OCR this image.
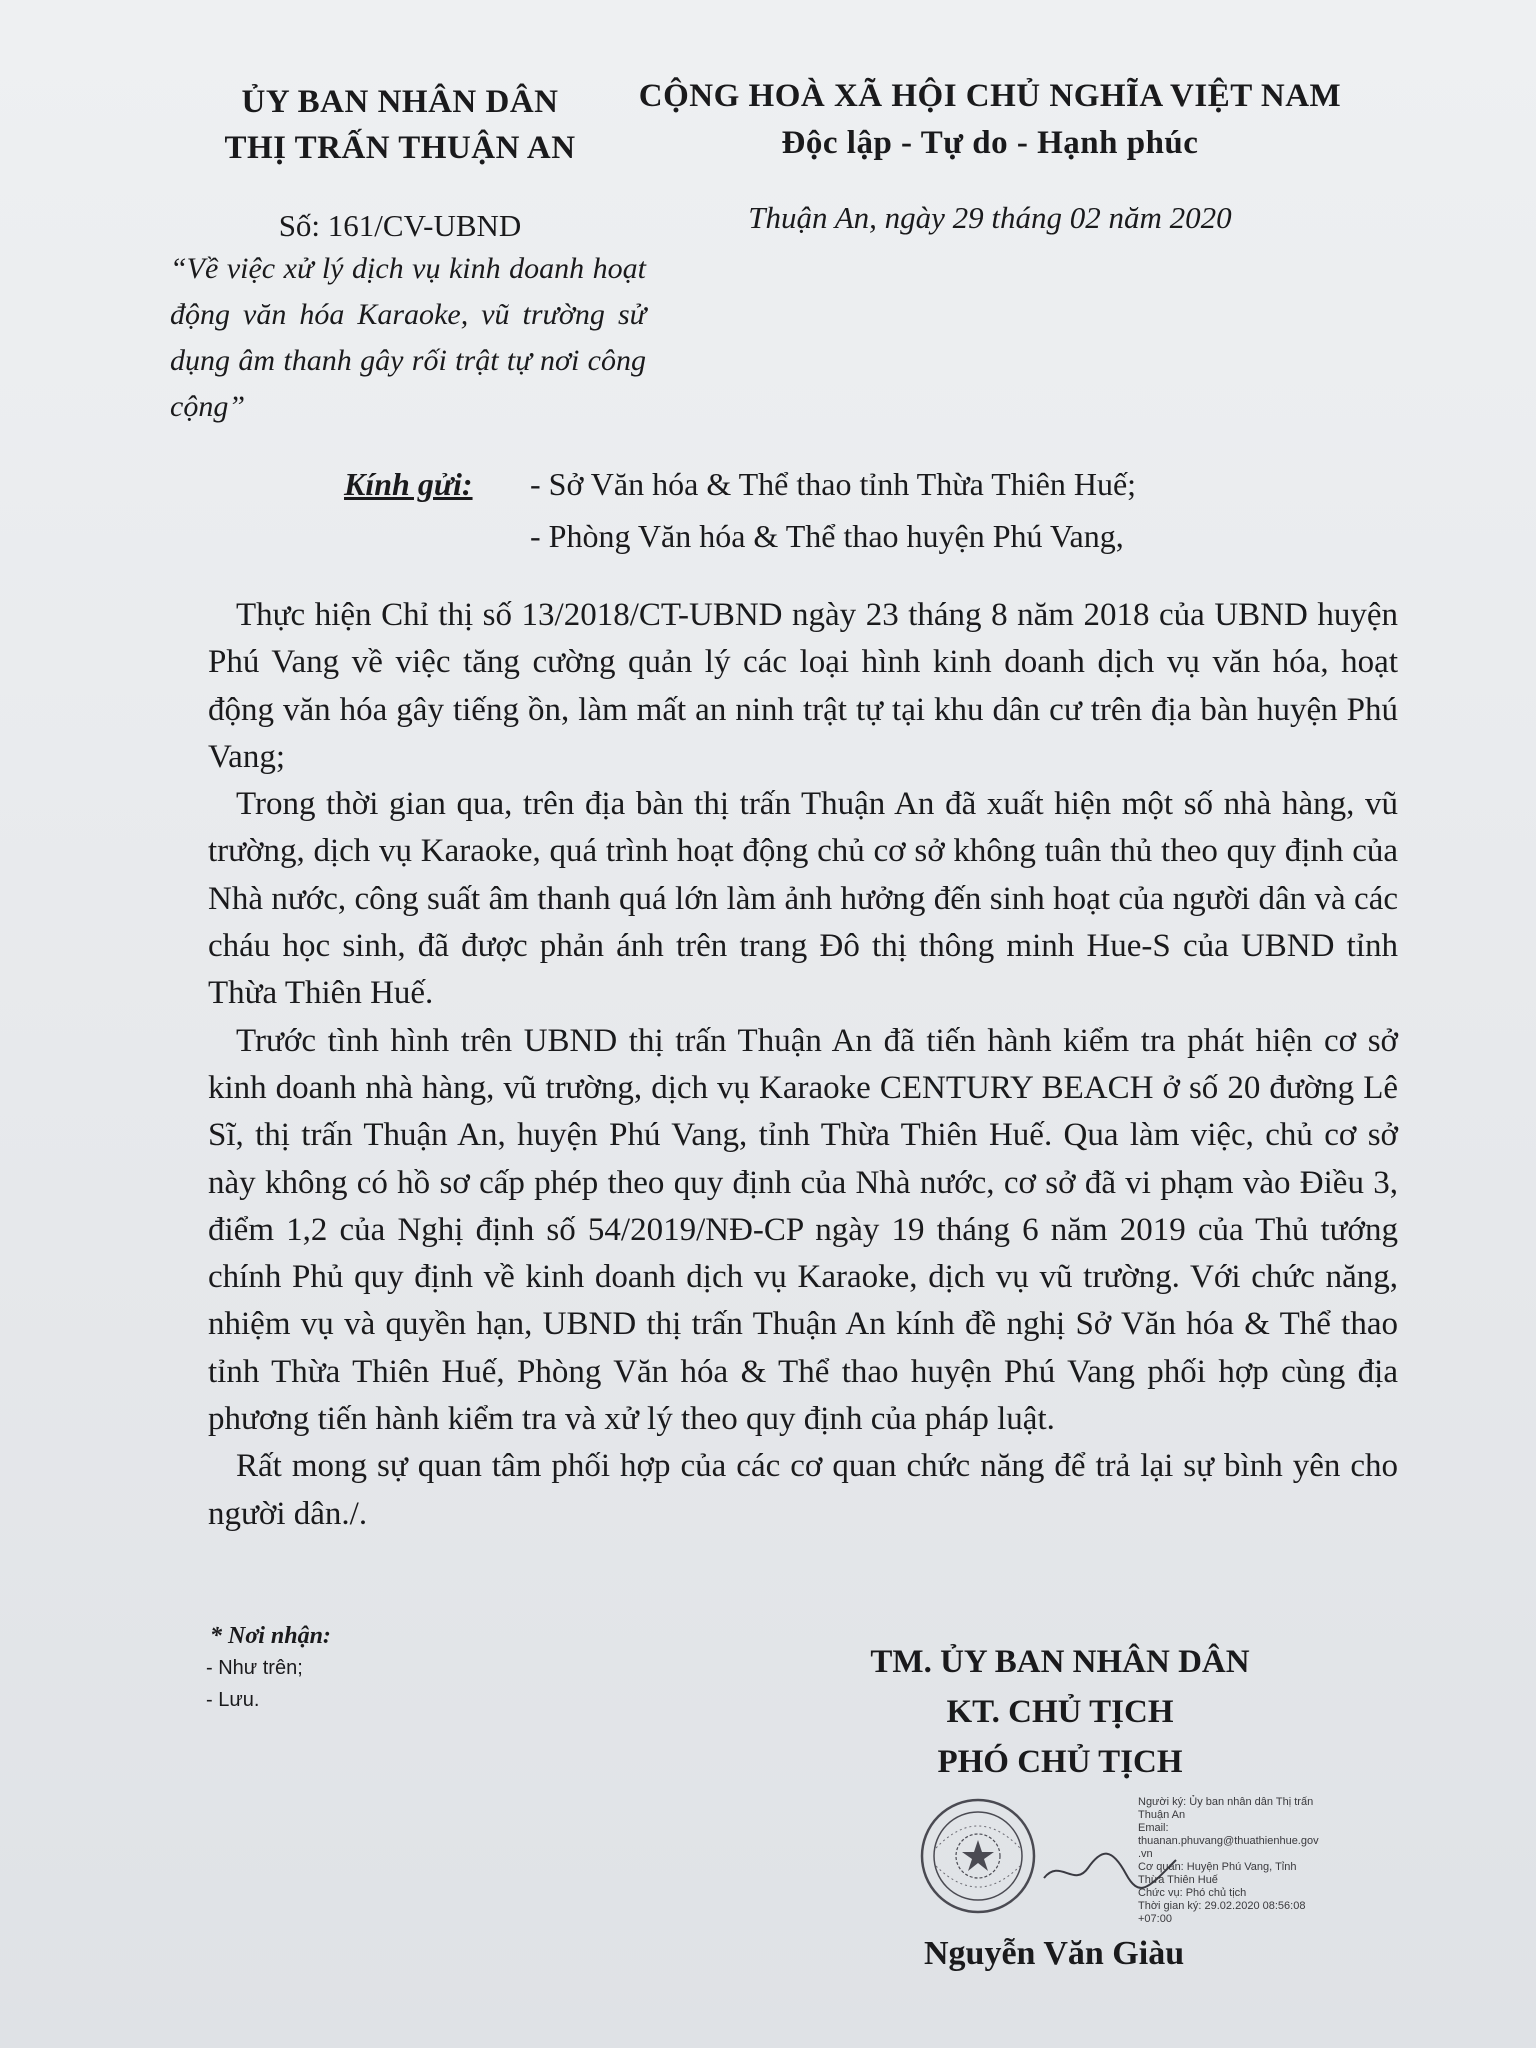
ỦY BAN NHÂN DÂN
THỊ TRẤN THUẬN AN
CỘNG HOÀ XÃ HỘI CHỦ NGHĨA VIỆT NAM
Độc lập - Tự do - Hạnh phúc
Số: 161/CV-UBND	Thuận An, ngày 29 tháng 02 năm 2020
“Về việc xử lý dịch vụ kinh doanh hoạt động văn hóa Karaoke, vũ trường sử dụng âm thanh gây rối trật tự nơi công cộng”
Kính gửi: - Sở Văn hóa & Thể thao tỉnh Thừa Thiên Huế;
- Phòng Văn hóa & Thể thao huyện Phú Vang,

Thực hiện Chỉ thị số 13/2018/CT-UBND ngày 23 tháng 8 năm 2018 của UBND huyện Phú Vang về việc tăng cường quản lý các loại hình kinh doanh dịch vụ văn hóa, hoạt động văn hóa gây tiếng ồn, làm mất an ninh trật tự tại khu dân cư trên địa bàn huyện Phú Vang;

Trong thời gian qua, trên địa bàn thị trấn Thuận An đã xuất hiện một số nhà hàng, vũ trường, dịch vụ Karaoke, quá trình hoạt động chủ cơ sở không tuân thủ theo quy định của Nhà nước, công suất âm thanh quá lớn làm ảnh hưởng đến sinh hoạt của người dân và các cháu học sinh, đã được phản ánh trên trang Đô thị thông minh Hue-S của UBND tỉnh Thừa Thiên Huế.

Trước tình hình trên UBND thị trấn Thuận An đã tiến hành kiểm tra phát hiện cơ sở kinh doanh nhà hàng, vũ trường, dịch vụ Karaoke CENTURY BEACH ở số 20 đường Lê Sĩ, thị trấn Thuận An, huyện Phú Vang, tỉnh Thừa Thiên Huế. Qua làm việc, chủ cơ sở này không có hồ sơ cấp phép theo quy định của Nhà nước, cơ sở đã vi phạm vào Điều 3, điểm 1,2 của Nghị định số 54/2019/NĐ-CP ngày 19 tháng 6 năm 2019 của Thủ tướng chính Phủ quy định về kinh doanh dịch vụ Karaoke, dịch vụ vũ trường. Với chức năng, nhiệm vụ và quyền hạn, UBND thị trấn Thuận An kính đề nghị Sở Văn hóa & Thể thao tỉnh Thừa Thiên Huế, Phòng Văn hóa & Thể thao huyện Phú Vang phối hợp cùng địa phương tiến hành kiểm tra và xử lý theo quy định của pháp luật.

Rất mong sự quan tâm phối hợp của các cơ quan chức năng để trả lại sự bình yên cho người dân./.

* Nơi nhận:
- Như trên;
- Lưu.
TM. ỦY BAN NHÂN DÂN
KT. CHỦ TỊCH
PHÓ CHỦ TỊCH
Người ký: Ủy ban nhân dân Thị trấn
Thuận An
Email:
thuanan.phuvang@thuathienhue.gov
.vn
Cơ quan: Huyện Phú Vang, Tỉnh
Thừa Thiên Huế
Chức vụ: Phó chủ tịch
Thời gian ký: 29.02.2020 08:56:08
+07:00
Nguyễn Văn Giàu
